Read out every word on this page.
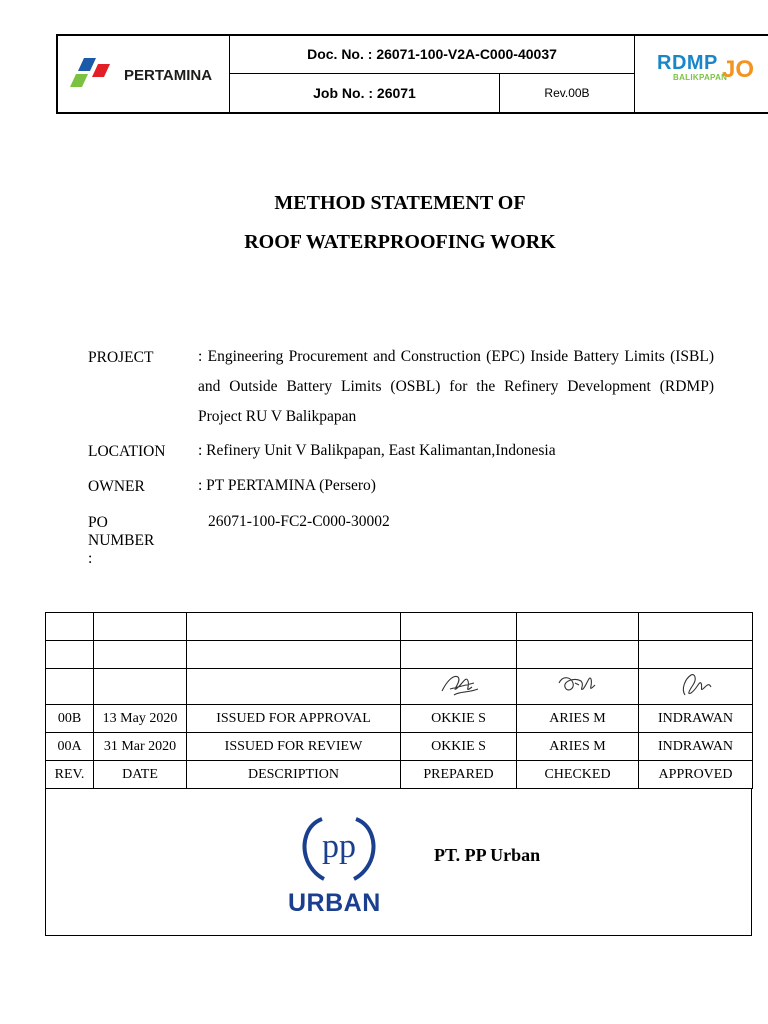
PERTAMINA
Doc. No. : 26071-100-V2A-C000-40037
Job No. : 26071	Rev.00B
RDMP
BALIKPAPAN
JO
METHOD STATEMENT OF
ROOF WATERPROOFING WORK
PROJECT	: Engineering Procurement and Construction (EPC) Inside Battery Limits (ISBL) and Outside Battery Limits (OSBL) for the Refinery Development (RDMP) Project RU V Balikpapan
LOCATION : Refinery Unit V Balikpapan, East Kalimantan,Indonesia
OWNER	: PT PERTAMINA (Persero)
PO NUMBER :
26071-100-FC2-C000-30002

00B	13 May 2020	ISSUED FOR APPROVAL	OKKIE S	ARIES M	INDRAWAN
00A	31 Mar 2020	ISSUED FOR REVIEW	OKKIE S	ARIES M	INDRAWAN
REV.	DATE	DESCRIPTION	PREPARED	CHECKED	APPROVED
pp
URBAN
PT. PP Urban
